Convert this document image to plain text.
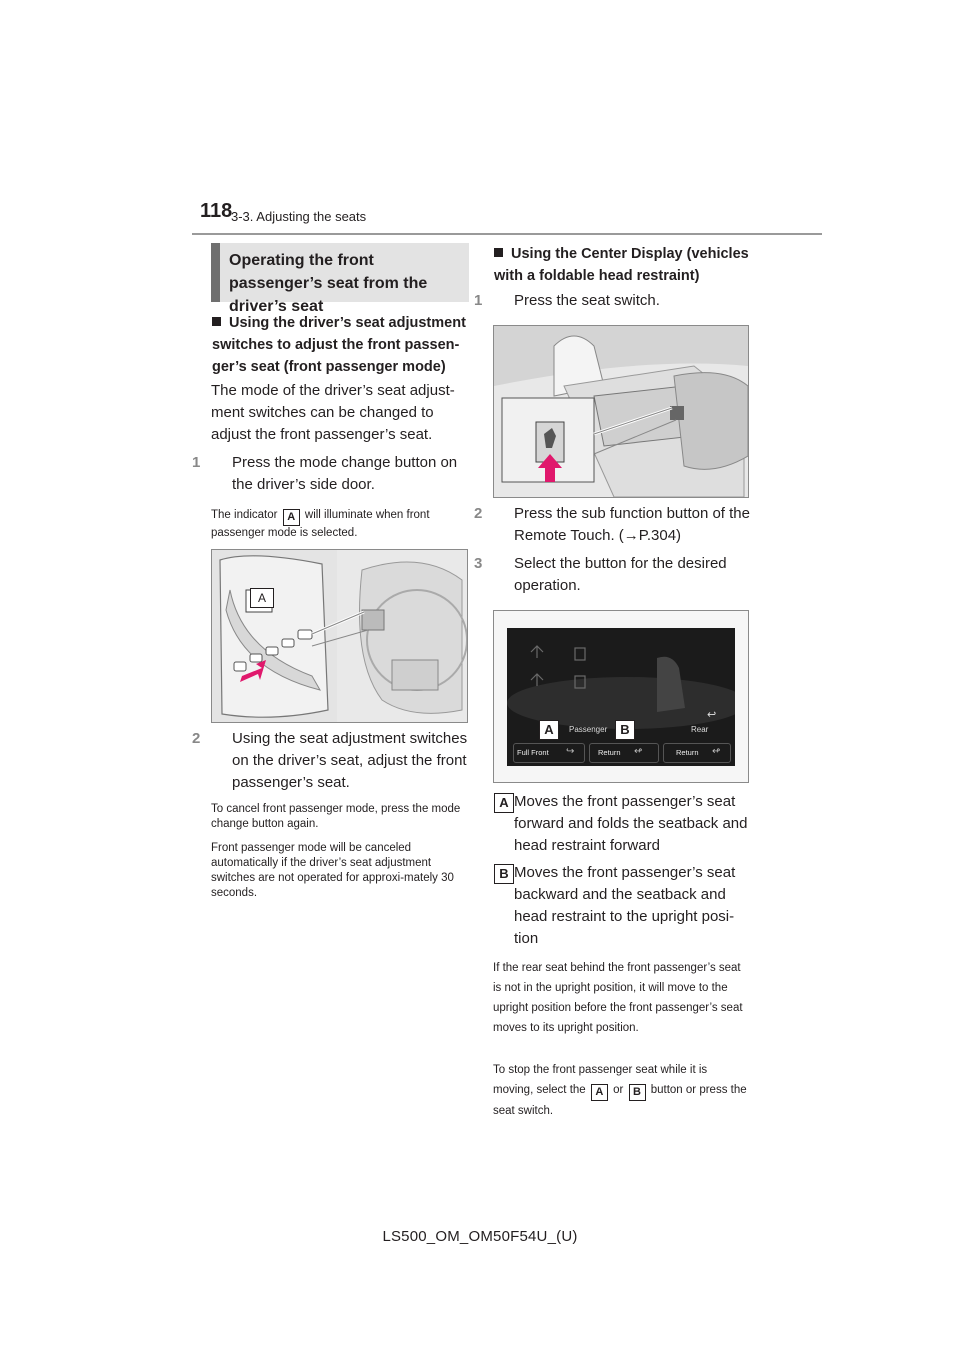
118
3-3. Adjusting the seats
Operating the front passenger’s seat from the driver’s seat
Using the driver’s seat adjustment switches to adjust the front passen-ger’s seat (front passenger mode)
The mode of the driver’s seat adjust-ment switches can be changed to adjust the front passenger’s seat.
1 Press the mode change button on the driver’s side door.
The indicator A will illuminate when front passenger mode is selected.
A
2 Using the seat adjustment switches on the driver’s seat, adjust the front passenger’s seat.
To cancel front passenger mode, press the mode change button again.
Front passenger mode will be canceled automatically if the driver’s seat adjustment switches are not operated for approxi-mately 30 seconds.
Using the Center Display (vehicles with a foldable head restraint)
1 Press the seat switch.
2 Press the sub function button of the Remote Touch. (→P.304)
3 Select the button for the desired operation.
A	Passenger	B	Rear
↩
Full Front ↪	Return ↫	Return ↫
A Moves the front passenger’s seat forward and folds the seatback and head restraint forward
B Moves the front passenger’s seat backward and the seatback and head restraint to the upright posi-tion
If the rear seat behind the front passenger’s seat is not in the upright position, it will move to the upright position before the front passenger’s seat moves to its upright position.
To stop the front passenger seat while it is moving, select the A or B button or press the seat switch.
LS500_OM_OM50F54U_(U)
